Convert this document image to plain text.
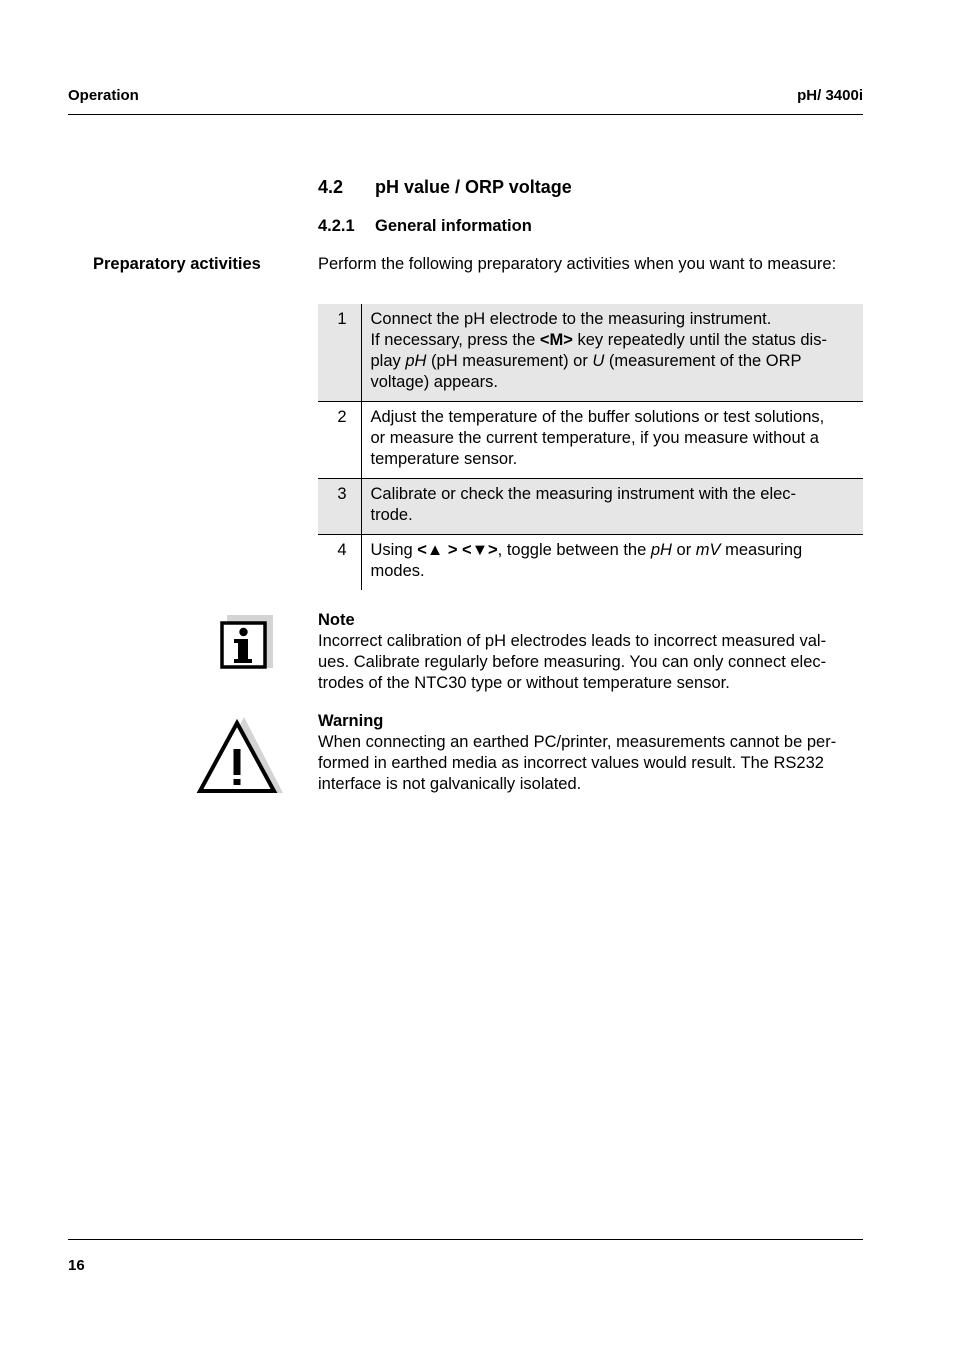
Operation	pH/ 3400i
4.2 pH value / ORP voltage
4.2.1 General information
Preparatory activities	Perform the following preparatory activities when you want to measure:
1	Connect the pH electrode to the measuring instrument.
If necessary, press the <M> key repeatedly until the status dis-
play pH (pH measurement) or U (measurement of the ORP
voltage) appears.

2	Adjust the temperature of the buffer solutions or test solutions,
or measure the current temperature, if you measure without a
temperature sensor.

3	Calibrate or check the measuring instrument with the elec-
trode.

4	Using <▲ > <▼>, toggle between the pH or mV measuring
modes.
Note
Incorrect calibration of pH electrodes leads to incorrect measured val-
ues. Calibrate regularly before measuring. You can only connect elec-
trodes of the NTC30 type or without temperature sensor.
Warning
When connecting an earthed PC/printer, measurements cannot be per-
formed in earthed media as incorrect values would result. The RS232
interface is not galvanically isolated.
16
